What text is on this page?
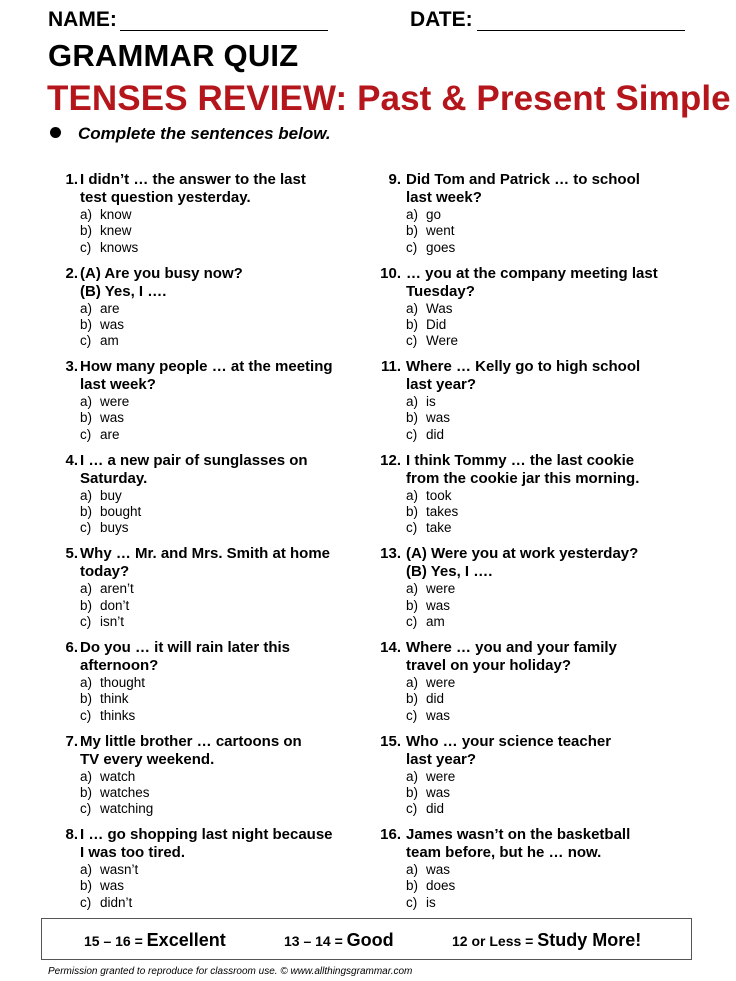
NAME:	DATE:
GRAMMAR QUIZ
TENSES REVIEW: Past & Present Simple
Complete the sentences below.
1. I didn’t … the answer to the last
test question yesterday.
a) know
b) knew
c) knows
2. (A) Are you busy now?
(B) Yes, I ….
a) are
b) was
c) am
3. How many people … at the meeting
last week?
a) were
b) was
c) are
4. I … a new pair of sunglasses on
Saturday.
a) buy
b) bought
c) buys
5. Why … Mr. and Mrs. Smith at home
today?
a) aren’t
b) don’t
c) isn’t
6. Do you … it will rain later this
afternoon?
a) thought
b) think
c) thinks
7. My little brother … cartoons on
TV every weekend.
a) watch
b) watches
c) watching
8. I … go shopping last night because
I was too tired.
a) wasn’t
b) was
c) didn’t
9. Did Tom and Patrick … to school
last week?
a) go
b) went
c) goes
10. … you at the company meeting last
Tuesday?
a) Was
b) Did
c) Were
11. Where … Kelly go to high school
last year?
a) is
b) was
c) did
12. I think Tommy … the last cookie
from the cookie jar this morning.
a) took
b) takes
c) take
13. (A) Were you at work yesterday?
(B) Yes, I ….
a) were
b) was
c) am
14. Where … you and your family
travel on your holiday?
a) were
b) did
c) was
15. Who … your science teacher
last year?
a) were
b) was
c) did
16. James wasn’t on the basketball
team before, but he … now.
a) was
b) does
c) is
15 – 16 = Excellent	13 – 14 = Good	12 or Less = Study More!
Permission granted to reproduce for classroom use. © www.allthingsgrammar.com
